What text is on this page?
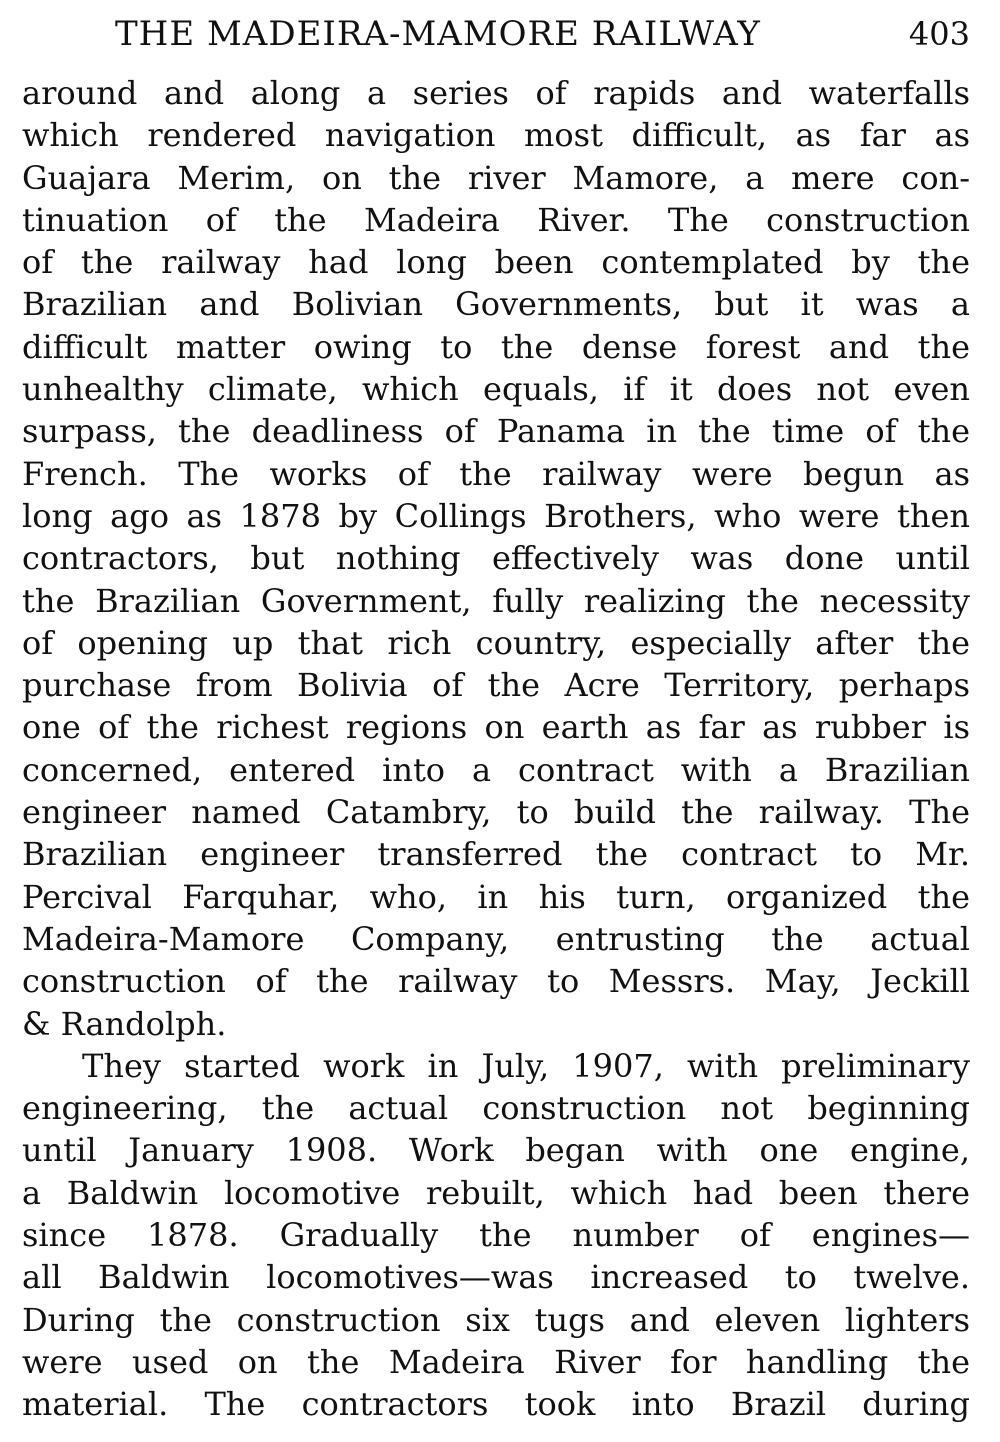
THE MADEIRA-MAMORE RAILWAY	403
around and along a series of rapids and waterfalls
which rendered navigation most difficult, as far as
Guajara Merim, on the river Mamore, a mere con-
tinuation of the Madeira River. The construction
of the railway had long been contemplated by the
Brazilian and Bolivian Governments, but it was a
difficult matter owing to the dense forest and the
unhealthy climate, which equals, if it does not even
surpass, the deadliness of Panama in the time of the
French. The works of the railway were begun as
long ago as 1878 by Collings Brothers, who were then
contractors, but nothing effectively was done until
the Brazilian Government, fully realizing the necessity
of opening up that rich country, especially after the
purchase from Bolivia of the Acre Territory, perhaps
one of the richest regions on earth as far as rubber is
concerned, entered into a contract with a Brazilian
engineer named Catambry, to build the railway. The
Brazilian engineer transferred the contract to Mr.
Percival Farquhar, who, in his turn, organized the
Madeira-Mamore Company, entrusting the actual
construction of the railway to Messrs. May, Jeckill
& Randolph.
They started work in July, 1907, with preliminary
engineering, the actual construction not beginning
until January 1908. Work began with one engine,
a Baldwin locomotive rebuilt, which had been there
since 1878. Gradually the number of engines—
all Baldwin locomotives—was increased to twelve.
During the construction six tugs and eleven lighters
were used on the Madeira River for handling the
material. The contractors took into Brazil during
